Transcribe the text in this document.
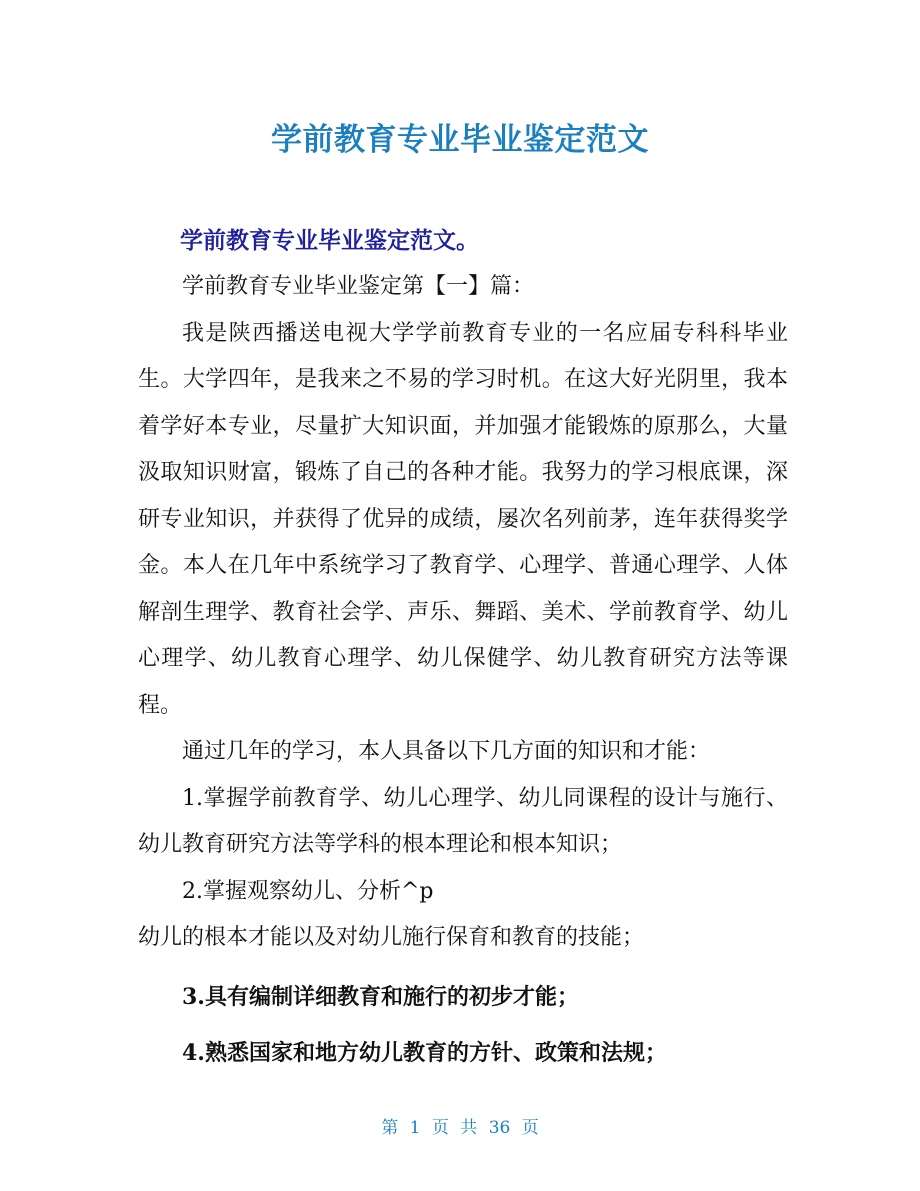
学前教育专业毕业鉴定范文
学前教育专业毕业鉴定范文。

学前教育专业毕业鉴定第【一】篇：

我是陕西播送电视大学学前教育专业的一名应届专科科毕业生。大学四年，是我来之不易的学习时机。在这大好光阴里，我本着学好本专业，尽量扩大知识面，并加强才能锻炼的原那么，大量汲取知识财富，锻炼了自己的各种才能。我努力的学习根底课，深研专业知识，并获得了优异的成绩，屡次名列前茅，连年获得奖学金。本人在几年中系统学习了教育学、心理学、普通心理学、人体解剖生理学、教育社会学、声乐、舞蹈、美术、学前教育学、幼儿心理学、幼儿教育心理学、幼儿保健学、幼儿教育研究方法等课程。

通过几年的学习，本人具备以下几方面的知识和才能：

1.掌握学前教育学、幼儿心理学、幼儿同课程的设计与施行、幼儿教育研究方法等学科的根本理论和根本知识；

2.掌握观察幼儿、分析^p

幼儿的根本才能以及对幼儿施行保育和教育的技能；

3.具有编制详细教育和施行的初步才能；

4.熟悉国家和地方幼儿教育的方针、政策和法规；

第 1 页 共 36 页
